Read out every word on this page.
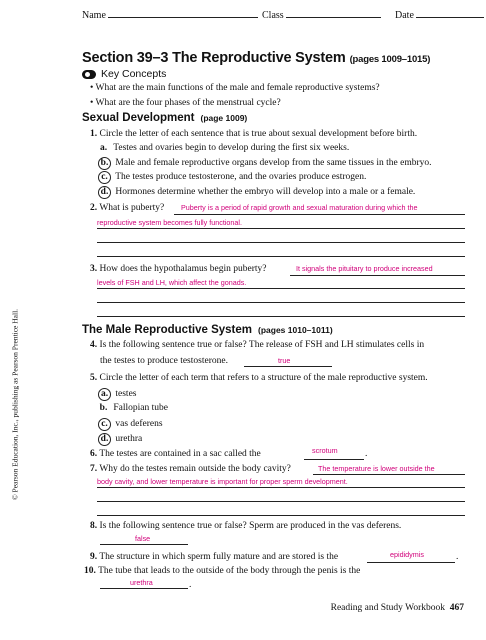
Name	Class	Date
Section 39–3 The Reproductive System (pages 1009–1015)
Key Concepts
• What are the main functions of the male and female reproductive systems?
• What are the four phases of the menstrual cycle?
Sexual Development (page 1009)
1. Circle the letter of each sentence that is true about sexual development before birth.
a. Testes and ovaries begin to develop during the first six weeks.
b. Male and female reproductive organs develop from the same tissues in the embryo.
c. The testes produce testosterone, and the ovaries produce estrogen.
d. Hormones determine whether the embryo will develop into a male or a female.
2. What is puberty? Puberty is a period of rapid growth and sexual maturation during which the
reproductive system becomes fully functional.
3. How does the hypothalamus begin puberty?	It signals the pituitary to produce increased
levels of FSH and LH, which affect the gonads.
The Male Reproductive System (pages 1010–1011)
4. Is the following sentence true or false? The release of FSH and LH stimulates cells in
the testes to produce testosterone.	true
5. Circle the letter of each term that refers to a structure of the male reproductive system.
a. testes
b. Fallopian tube
c. vas deferens
d. urethra
6. The testes are contained in a sac called the	scrotum	.
7. Why do the testes remain outside the body cavity?	The temperature is lower outside the
body cavity, and lower temperature is important for proper sperm development.
8. Is the following sentence true or false? Sperm are produced in the vas deferens.
false
9. The structure in which sperm fully mature and are stored is the	epididymis	.
10. The tube that leads to the outside of the body through the penis is the
urethra	.
© Pearson Education, Inc., publishing as Pearson Prentice Hall.
Reading and Study Workbook 467
